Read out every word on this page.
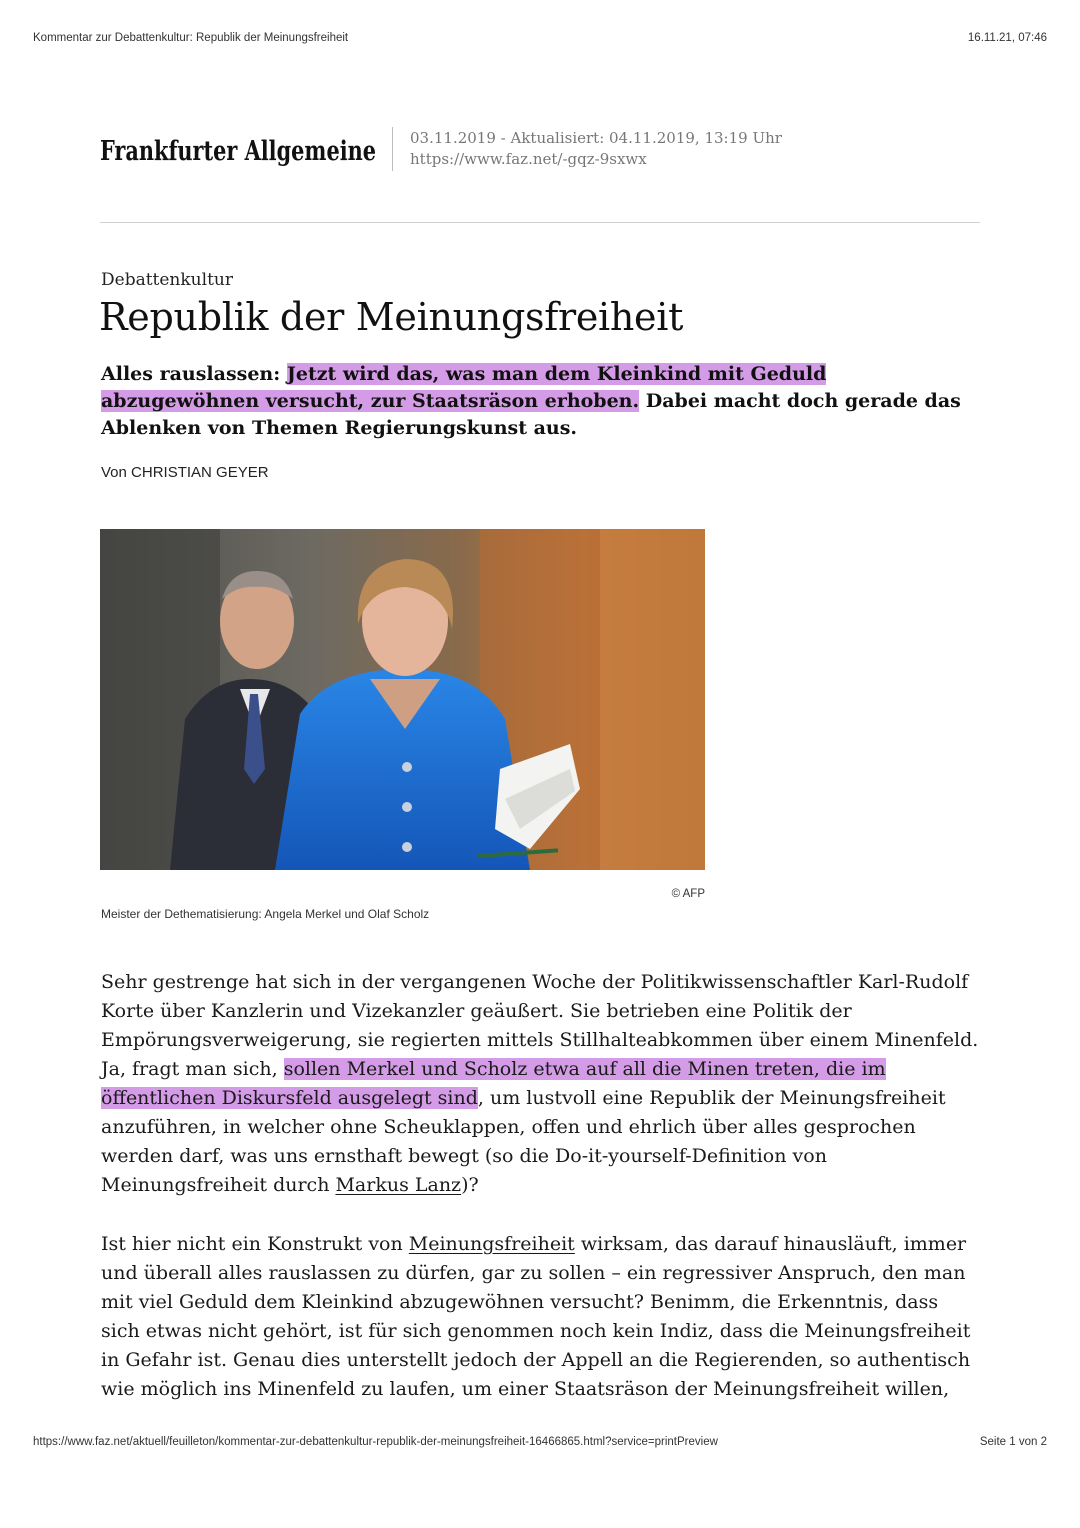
Kommentar zur Debattenkultur: Republik der Meinungsfreiheit	16.11.21, 07:46
Frankfurter Allgemeine 03.11.2019 - Aktualisiert: 04.11.2019, 13:19 Uhr
https://www.faz.net/-gqz-9sxwx
Debattenkultur
Republik der Meinungsfreiheit

Alles rauslassen: Jetzt wird das, was man dem Kleinkind mit Geduld abzugewöhnen versucht, zur Staatsräson erhoben. Dabei macht doch gerade das Ablenken von Themen Regierungskunst aus.

Von CHRISTIAN GEYER
© AFP
Meister der Dethematisierung: Angela Merkel und Olaf Scholz

Sehr gestrenge hat sich in der vergangenen Woche der Politikwissenschaftler Karl-Rudolf Korte über Kanzlerin und Vizekanzler geäußert. Sie betrieben eine Politik der Empörungsverweigerung, sie regierten mittels Stillhalteabkommen über einem Minenfeld. Ja, fragt man sich, sollen Merkel und Scholz etwa auf all die Minen treten, die im öffentlichen Diskursfeld ausgelegt sind, um lustvoll eine Republik der Meinungsfreiheit anzuführen, in welcher ohne Scheuklappen, offen und ehrlich über alles gesprochen werden darf, was uns ernsthaft bewegt (so die Do-it-yourself-Definition von Meinungsfreiheit durch Markus Lanz)?

Ist hier nicht ein Konstrukt von Meinungsfreiheit wirksam, das darauf hinausläuft, immer und überall alles rauslassen zu dürfen, gar zu sollen – ein regressiver Anspruch, den man mit viel Geduld dem Kleinkind abzugewöhnen versucht? Benimm, die Erkenntnis, dass sich etwas nicht gehört, ist für sich genommen noch kein Indiz, dass die Meinungsfreiheit in Gefahr ist. Genau dies unterstellt jedoch der Appell an die Regierenden, so authentisch wie möglich ins Minenfeld zu laufen, um einer Staatsräson der Meinungsfreiheit willen,

https://www.faz.net/aktuell/feuilleton/kommentar-zur-debattenkultur-republik-der-meinungsfreiheit-16466865.html?service=printPreview	Seite 1 von 2
